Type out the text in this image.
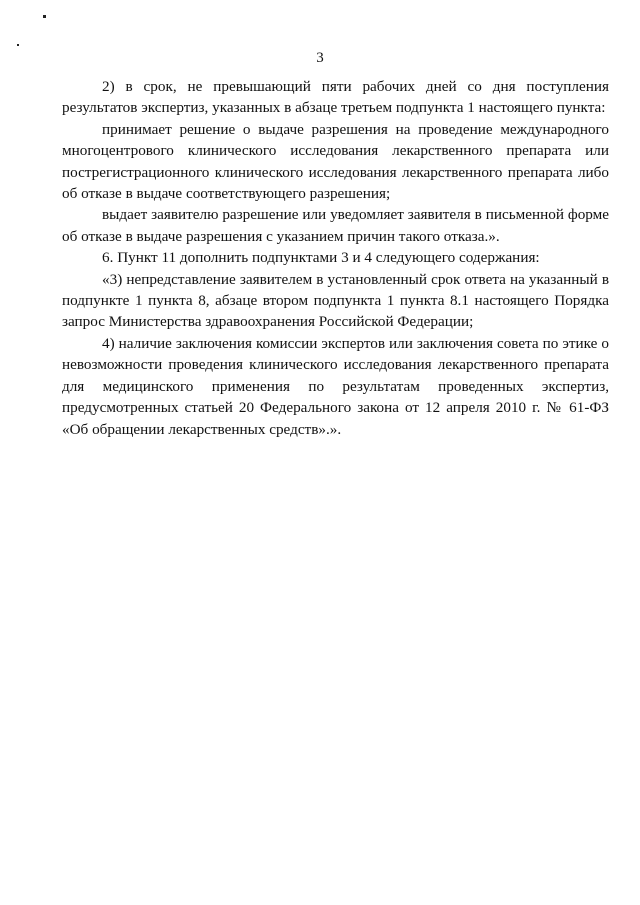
3

2) в срок, не превышающий пяти рабочих дней со дня поступления результатов экспертиз, указанных в абзаце третьем подпункта 1 настоящего пункта:

принимает решение о выдаче разрешения на проведение международного многоцентрового клинического исследования лекарственного препарата или пострегистрационного клинического исследования лекарственного препарата либо об отказе в выдаче соответствующего разрешения;

выдает заявителю разрешение или уведомляет заявителя в письменной форме об отказе в выдаче разрешения с указанием причин такого отказа.».

6. Пункт 11 дополнить подпунктами 3 и 4 следующего содержания:

«3) непредставление заявителем в установленный срок ответа на указанный в подпункте 1 пункта 8, абзаце втором подпункта 1 пункта 8.1 настоящего Порядка запрос Министерства здравоохранения Российской Федерации;

4) наличие заключения комиссии экспертов или заключения совета по этике о невозможности проведения клинического исследования лекарственного препарата для медицинского применения по результатам проведенных экспертиз, предусмотренных статьей 20 Федерального закона от 12 апреля 2010 г. № 61-ФЗ «Об обращении лекарственных средств».».
